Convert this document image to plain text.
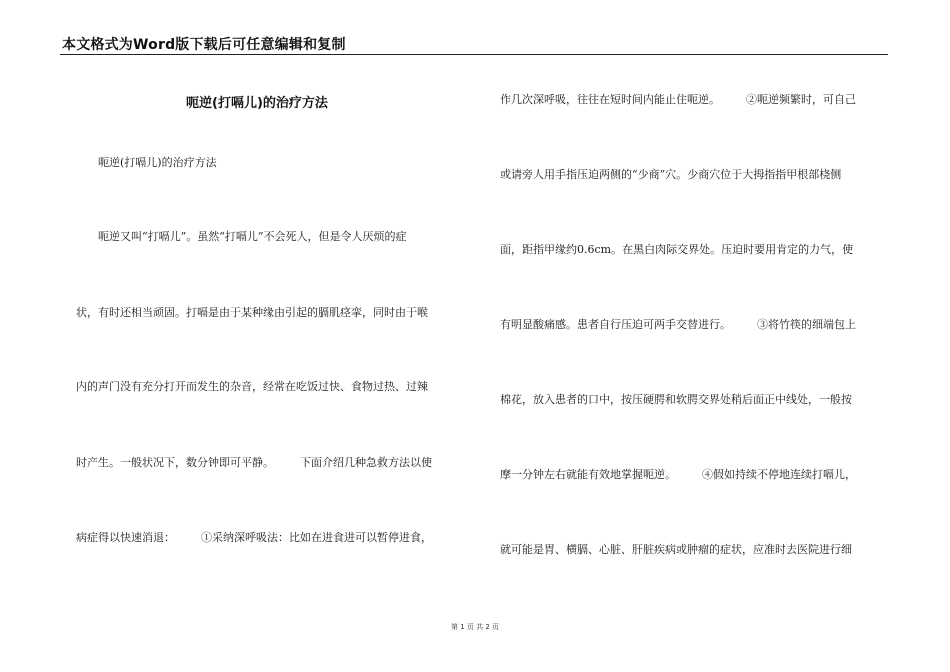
本文格式为Word版下载后可任意编辑和复制
呃逆(打嗝儿)的治疗方法
呃逆(打嗝儿)的治疗方法
呃逆又叫“打嗝儿”。虽然“打嗝儿”不会死人，但是令人厌烦的症
状，有时还相当顽固。打嗝是由于某种缘由引起的膈肌痉挛，同时由于喉
内的声门没有充分打开而发生的杂音，经常在吃饭过快、食物过热、过辣
时产生。一般状况下，数分钟即可平静。 下面介绍几种急救方法以使
病症得以快速消退： ①采纳深呼吸法：比如在进食进可以暂停进食，
作几次深呼吸，往往在短时间内能止住呃逆。 ②呃逆频繁时，可自己
或请旁人用手指压迫两侧的“少商”穴。少商穴位于大拇指指甲根部桡侧
面，距指甲缘约0.6cm。在黑白肉际交界处。压迫时要用肯定的力气，使
有明显酸痛感。患者自行压迫可两手交替进行。 ③将竹筷的细端包上
棉花，放入患者的口中，按压硬腭和软腭交界处稍后面正中线处，一般按
摩一分钟左右就能有效地掌握呃逆。 ④假如持续不停地连续打嗝儿，
就可能是胃、横膈、心脏、肝脏疾病或肿瘤的症状，应准时去医院进行细
第 1 页 共 2 页
